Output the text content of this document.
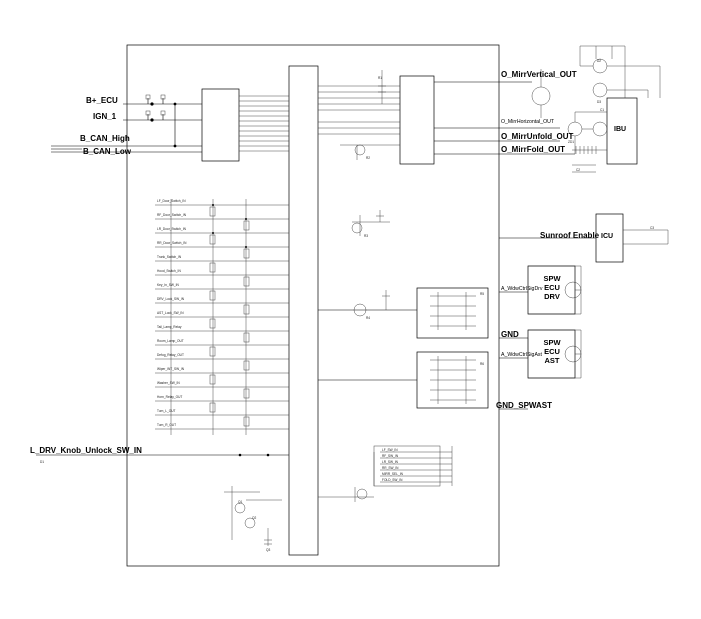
B+_ECU
IGN_1
B_CAN_High
B_CAN_Low
L_DRV_Knob_Unlock_SW_IN
O_MirrVertical_OUT
O_MirrHorizontal_OUT
O_MirrUnfold_OUT
O_MirrFold_OUT
A_WdwCtrlSigDrv
GND
A_WdwCtrlSigAst
GND_SPWAST
Sunroof Enable
IBU
ICU
SPW
ECU
DRV
SPW
ECU
AST
LF_Door_Switch_IN
RF_Door_Switch_IN
LR_Door_Switch_IN
RR_Door_Switch_IN
Trunk_Switch_IN
Hood_Switch_IN
Key_In_SW_IN
DRV_Lock_SW_IN
AST_Lock_SW_IN
Tail_Lamp_Relay
Room_Lamp_OUT
Defog_Relay_OUT
Wiper_INT_SW_IN
Washer_SW_IN
Horn_Relay_OUT
Turn_L_OUT
Turn_R_OUT
LF_SW_IN
RF_SW_IN
LR_SW_IN
RR_SW_IN
MIRR_SEL_IN
FOLD_SW_IN
R1
R2
R3
R4
R5
R6
C1
C2
C3
Q1
Q2
Q3
D1
D2
D3
ZD1
